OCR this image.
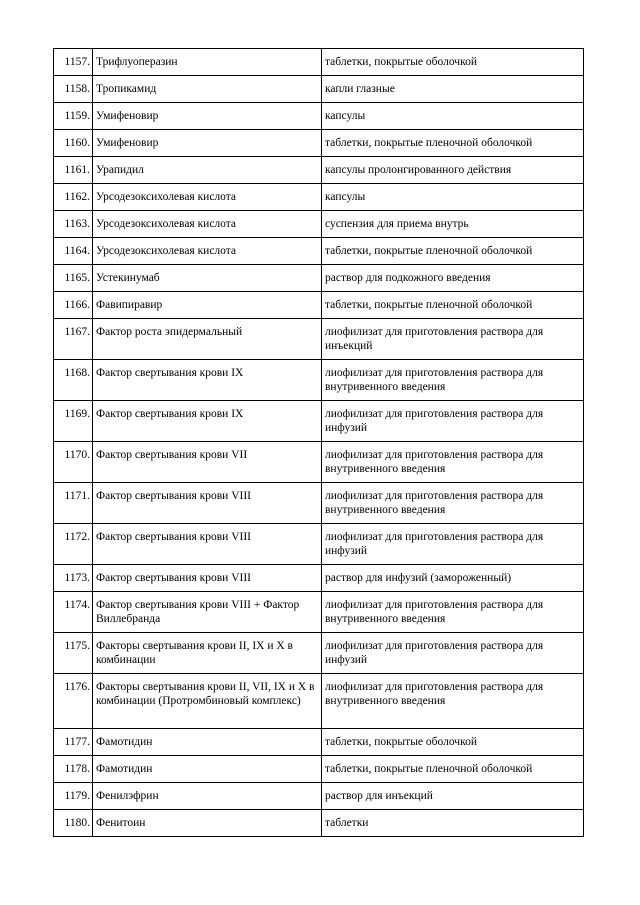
1157.	Трифлуоперазин	таблетки, покрытые оболочкой
1158.	Тропикамид	капли глазные
1159.	Умифеновир	капсулы
1160.	Умифеновир	таблетки, покрытые пленочной оболочкой
1161.	Урапидил	капсулы пролонгированного действия
1162.	Урсодезоксихолевая кислота	капсулы
1163.	Урсодезоксихолевая кислота	суспензия для приема внутрь
1164.	Урсодезоксихолевая кислота	таблетки, покрытые пленочной оболочкой
1165.	Устекинумаб	раствор для подкожного введения
1166.	Фавипиравир	таблетки, покрытые пленочной оболочкой
1167.	Фактор роста эпидермальный	лиофилизат для приготовления раствора для инъекций
1168.	Фактор свертывания крови IX	лиофилизат для приготовления раствора для внутривенного введения
1169.	Фактор свертывания крови IX	лиофилизат для приготовления раствора для инфузий
1170.	Фактор свертывания крови VII	лиофилизат для приготовления раствора для внутривенного введения
1171.	Фактор свертывания крови VIII	лиофилизат для приготовления раствора для внутривенного введения
1172.	Фактор свертывания крови VIII	лиофилизат для приготовления раствора для инфузий
1173.	Фактор свертывания крови VIII	раствор для инфузий (замороженный)
1174.	Фактор свертывания крови VIII + Фактор Виллебранда	лиофилизат для приготовления раствора для внутривенного введения
1175.	Факторы свертывания крови II, IX и X в комбинации	лиофилизат для приготовления раствора для инфузий
1176.	Факторы свертывания крови II, VII, IX и X в комбинации (Протромбиновый комплекс)	лиофилизат для приготовления раствора для внутривенного введения
1177.	Фамотидин	таблетки, покрытые оболочкой
1178.	Фамотидин	таблетки, покрытые пленочной оболочкой
1179.	Фенилэфрин	раствор для инъекций
1180.	Фенитоин	таблетки
